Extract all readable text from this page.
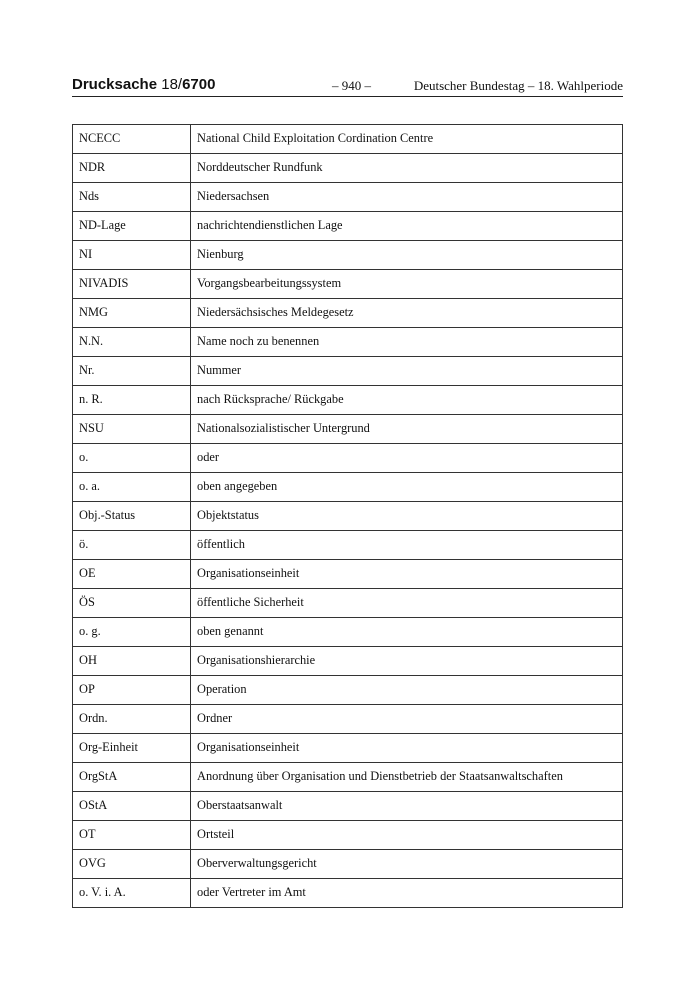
Drucksache 18/6700	– 940 –	Deutscher Bundestag – 18. Wahlperiode
NCECC	National Child Exploitation Cordination Centre

NDR	Norddeutscher Rundfunk

Nds	Niedersachsen

ND-Lage	nachrichtendienstlichen Lage

NI	Nienburg

NIVADIS	Vorgangsbearbeitungssystem

NMG	Niedersächsisches Meldegesetz

N.N.	Name noch zu benennen

Nr.	Nummer

n. R.	nach Rücksprache/ Rückgabe

NSU	Nationalsozialistischer Untergrund

o.	oder

o. a.	oben angegeben

Obj.-Status	Objektstatus

ö.	öffentlich

OE	Organisationseinheit

ÖS	öffentliche Sicherheit

o. g.	oben genannt

OH	Organisationshierarchie

OP	Operation

Ordn.	Ordner

Org-Einheit	Organisationseinheit

OrgStA	Anordnung über Organisation und Dienstbetrieb der Staatsanwaltschaften

OStA	Oberstaatsanwalt

OT	Ortsteil

OVG	Oberverwaltungsgericht

o. V. i. A.	oder Vertreter im Amt
